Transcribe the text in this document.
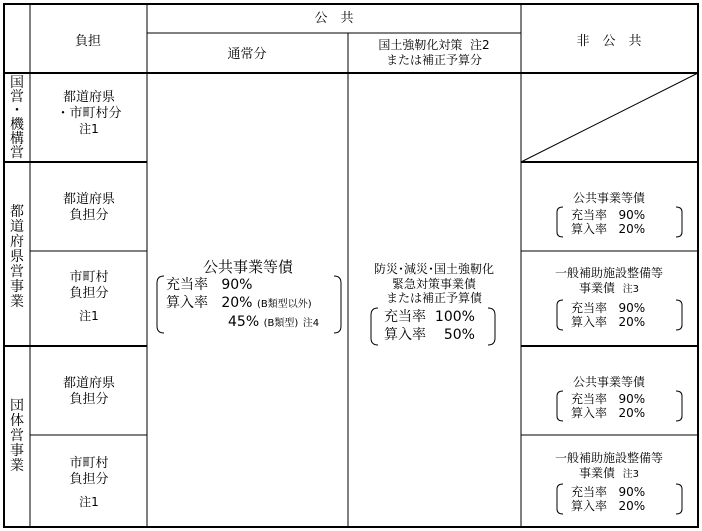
負担
公　共
通常分
国土強靭化対策 注2
または補正予算分
非　公　共
国
営
・
機
構
営
都
道
府
県
営
事
業
団
体
営
事
業
都道府県
・市町村分
注1
都道府県
負担分
市町村
負担分
注1
都道府県
負担分
市町村
負担分
注1
公共事業等債
充当率 90%
算入率 20% (B類型以外)
45% (B類型) 注4
防災･減災･国土強靭化
緊急対策事業債
または補正予算債
充当率 100%
算入率 50%
公共事業等債
充当率 90%
算入率 20%
一般補助施設整備等
事業債 注3
充当率 90%
算入率 20%
公共事業等債
充当率 90%
算入率 20%
一般補助施設整備等
事業債 注3
充当率 90%
算入率 20%
